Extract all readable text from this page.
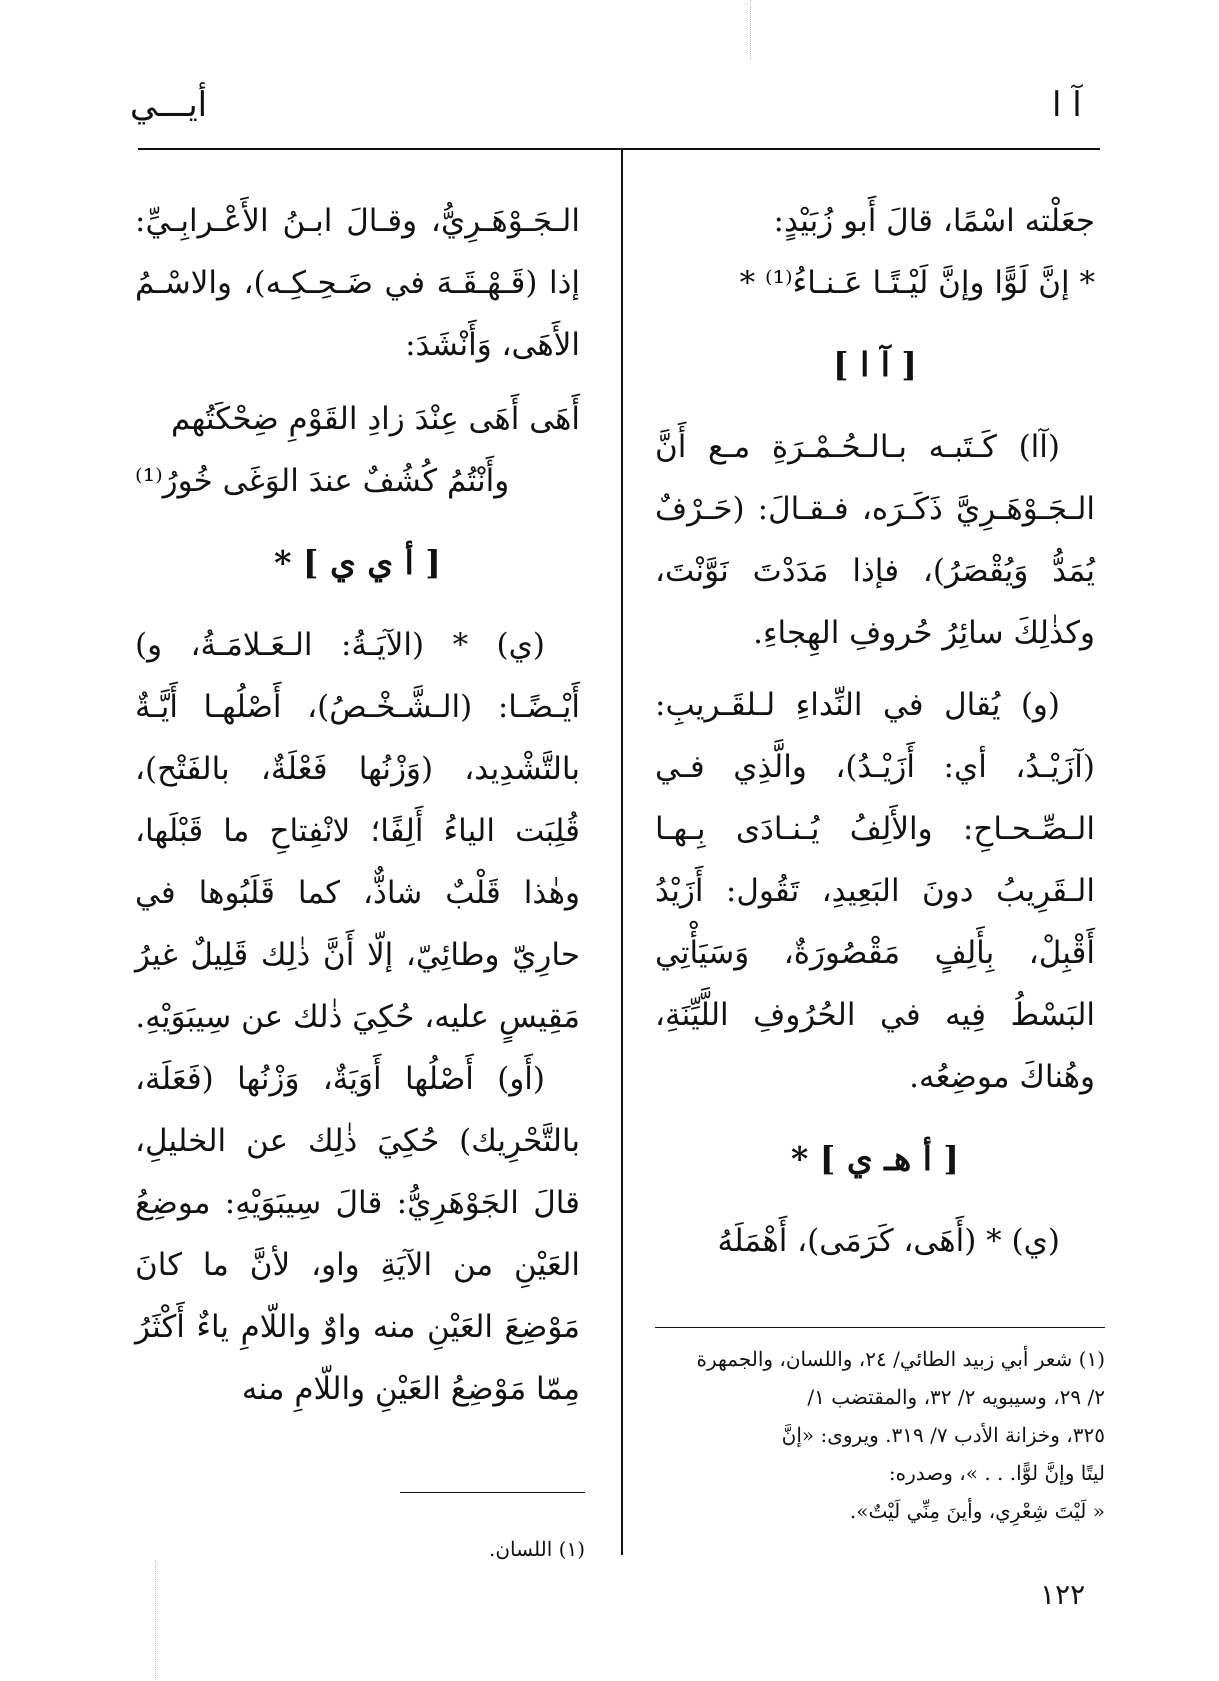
أيـــي	آ ا

جعَلْته اسْمًا، قالَ أَبو زُبَيْدٍ:

* إنَّ لَوًّا وإنَّ لَيْـتًـا عَـنـاءُ⁽¹⁾ *

[ آ ا ]

(آا) كَـتَبـه بـالـحُـمْـرَةِ مـع أَنَّ الـجَـوْهَـرِيَّ ذَكَـرَه، فـقـالَ: (حَـرْفٌ يُمَدُّ وَيُقْصَرُ)، فإذا مَدَدْتَ نَوَّنْتَ، وكذٰلِكَ سائِرُ حُروفِ الهِجاءِ.

(و) يُقال في النِّداءِ لـلقَـريبِ: (آزَيْـدُ، أي: أَزَيْـدُ)، والَّذِي فـي الـصِّـحـاحِ: والأَلِفُ يُـنـادَى بِـهـا الـقَرِيبُ دونَ البَعِيدِ، تَقُول: أَزَيْدُ أَقْبِلْ، بِأَلِفٍ مَقْصُورَةٌ، وَسَيَأْتِي البَسْطُ فِيه في الحُرُوفِ اللَّيِّنَةِ، وهُناكَ موضِعُه.

[ أ هـ ي ] *

(ي) * (أَهَى، كَرَمَى)، أَهْمَلَهُ

الـجَـوْهَـرِيُّ، وقـالَ ابـنُ الأَعْـرابِـيِّ: إذا (قَـهْـقَـهَ في ضَـحِـكِـه)، والاسْـمُ الأَهَى، وَأَنْشَدَ:

أَهَى أَهَى عِنْدَ زادِ القَوْمِ ضِحْكَتُهم

وأَنْتُمُ كُشُفٌ عندَ الوَغَى خُورُ⁽¹⁾

[ أ ي ي ] *

(ي) * (الآيَـةُ: الـعَـلامَـةُ، و) أَيْـضًـا: (الـشَّـخْـصُ)، أَصْلُهـا أَيَّـةٌ بالتَّشْدِيد، (وَزْنُها فَعْلَةٌ، بالفَتْح)، قُلِبَت الياءُ أَلِفًا؛ لانْفِتاحِ ما قَبْلَها، وهٰذا قَلْبٌ شاذٌّ، كما قَلَبُوها في حارِيّ وطائِيّ، إلّا أَنَّ ذٰلِك قَلِيلٌ غيرُ مَقِيسٍ عليه، حُكِيَ ذٰلك عن سِيبَوَيْهِ.

(أَو) أَصْلُها أَوَيَةٌ، وَزْنُها (فَعَلَة، بالتَّحْرِيك) حُكِيَ ذٰلِك عن الخليلِ، قالَ الجَوْهَرِيُّ: قالَ سِيبَوَيْهِ: موضِعُ العَيْنِ من الآيَةِ واو، لأنَّ ما كانَ مَوْضِعَ العَيْنِ منه واوٌ واللّامِ ياءٌ أَكْثَرُ مِمّا مَوْضِعُ العَيْنِ واللّامِ منه

(١) شعر أبي زبيد الطائي/ ٢٤، واللسان، والجمهرة
٢/ ٢٩، وسيبويه ٢/ ٣٢، والمقتضب ١/
٣٢٥، وخزانة الأدب ٧/ ٣١٩. ويروى: «إنَّ
ليتًا وإنَّ لوًّا. . . »، وصدره:
« لَيْتَ شِعْرِي، وأينَ مِنِّي لَيْتٌ».
(١) اللسان.
١٢٢
